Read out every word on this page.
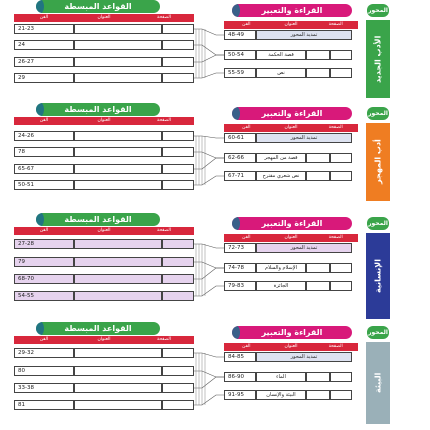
المحور
الأدب الجديد
القراءة والتعبير
الفن	العنوان	الصفحة
48-49	تمديد المحور
50-54	قصة الحكمة
55-59	نص
القواعد المبسطة
الفن	العنوان	الصفحة
21-23
24
26-27
29
المحور
أدب المهجر
القراءة والتعبير
الفن	العنوان	الصفحة
60-61	تمديد المحور
62-66	قصة من المهجر
67-71	نص شعري مقترح
القواعد المبسطة
الفن	العنوان	الصفحة
24-26
78
65-67
50-51
المحور
الإنسانية
القراءة والتعبير
الفن	العنوان	الصفحة
72-73	تمديد المحور
74-78	الإسلام والسلام
79-83	الجائزة
القواعد المبسطة
الفن	العنوان	الصفحة
27-28
79
68-70
54-55
المحور
البيئة
القراءة والتعبير
الفن	العنوان	الصفحة
84-85	تمديد المحور
86-90	الماء
91-95	البيئة والإنسان
القواعد المبسطة
الفن	العنوان	الصفحة
29-32
80
33-38
81
